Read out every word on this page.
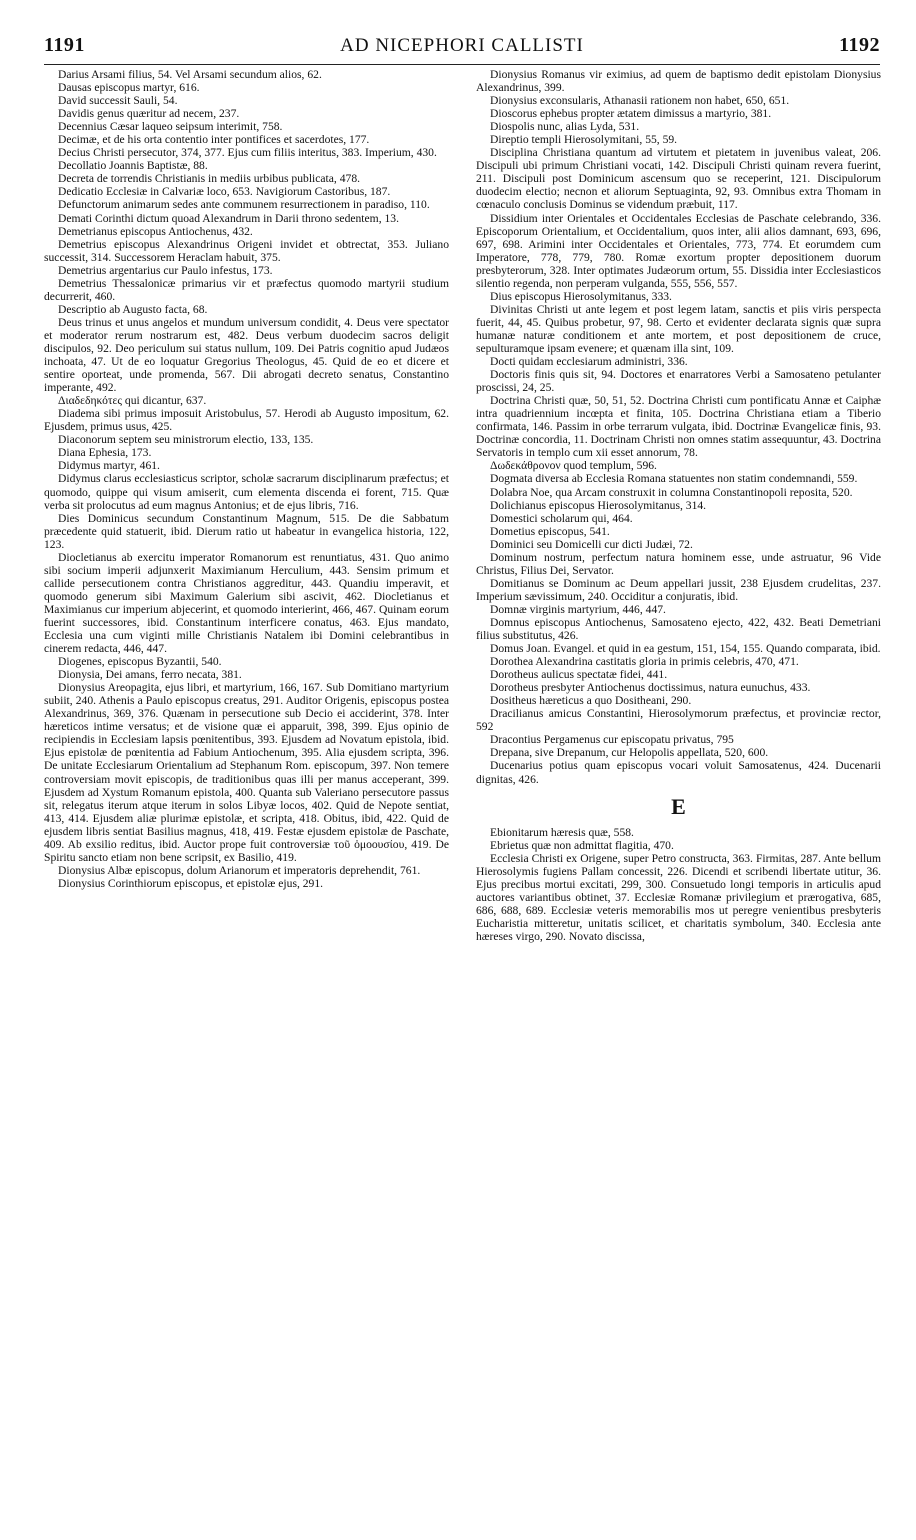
1191	AD NICEPHORI CALLISTI	1192

Darius Arsami filius, 54. Vel Arsami secundum alios, 62.

Dausas episcopus martyr, 616.

David successit Sauli, 54.

Davidis genus quæritur ad necem, 237.

Decennius Cæsar laqueo seipsum interimit, 758.

Decimæ, et de his orta contentio inter pontifices et sacerdotes, 177.

Decius Christi persecutor, 374, 377. Ejus cum filiis interitus, 383. Imperium, 430.

Decollatio Joannis Baptistæ, 88.

Decreta de torrendis Christianis in mediis urbibus publicata, 478.

Dedicatio Ecclesiæ in Calvariæ loco, 653. Navigiorum Castoribus, 187.

Defunctorum animarum sedes ante communem resurrectionem in paradiso, 110.

Demati Corinthi dictum quoad Alexandrum in Darii throno sedentem, 13.

Demetrianus episcopus Antiochenus, 432.

Demetrius episcopus Alexandrinus Origeni invidet et obtrectat, 353. Juliano successit, 314. Successorem Heraclam habuit, 375.

Demetrius argentarius cur Paulo infestus, 173.

Demetrius Thessalonicæ primarius vir et præfectus quomodo martyrii studium decurrerit, 460.

Descriptio ab Augusto facta, 68.

Deus trinus et unus angelos et mundum universum condidit, 4. Deus vere spectator et moderator rerum nostrarum est, 482. Deus verbum duodecim sacros deligit discipulos, 92. Deo periculum sui status nullum, 109. Dei Patris cognitio apud Judæos inchoata, 47. Ut de eo loquatur Gregorius Theologus, 45. Quid de eo et dicere et sentire oporteat, unde promenda, 567. Dii abrogati decreto senatus, Constantino imperante, 492.

Διαδεδηκότες qui dicantur, 637.

Diadema sibi primus imposuit Aristobulus, 57. Herodi ab Augusto impositum, 62. Ejusdem, primus usus, 425.

Diaconorum septem seu ministrorum electio, 133, 135.

Diana Ephesia, 173.

Didymus martyr, 461.

Didymus clarus ecclesiasticus scriptor, scholæ sacrarum disciplinarum præfectus; et quomodo, quippe qui visum amiserit, cum elementa discenda ei forent, 715. Quæ verba sit prolocutus ad eum magnus Antonius; et de ejus libris, 716.

Dies Dominicus secundum Constantinum Magnum, 515. De die Sabbatum præcedente quid statuerit, ibid. Dierum ratio ut habeatur in evangelica historia, 122, 123.

Diocletianus ab exercitu imperator Romanorum est renuntiatus, 431. Quo animo sibi socium imperii adjunxerit Maximianum Herculium, 443. Sensim primum et callide persecutionem contra Christianos aggreditur, 443. Quandiu imperavit, et quomodo generum sibi Maximum Galerium sibi ascivit, 462. Diocletianus et Maximianus cur imperium abjecerint, et quomodo interierint, 466, 467. Quinam eorum fuerint successores, ibid. Constantinum interficere conatus, 463. Ejus mandato, Ecclesia una cum viginti mille Christianis Natalem ibi Domini celebrantibus in cinerem redacta, 446, 447.

Diogenes, episcopus Byzantii, 540.

Dionysia, Dei amans, ferro necata, 381.

Dionysius Areopagita, ejus libri, et martyrium, 166, 167. Sub Domitiano martyrium subiit, 240. Athenis a Paulo episcopus creatus, 291. Auditor Origenis, episcopus postea Alexandrinus, 369, 376. Quænam in persecutione sub Decio ei acciderint, 378. Inter hæreticos intime versatus; et de visione quæ ei apparuit, 398, 399. Ejus opinio de recipiendis in Ecclesiam lapsis pœnitentibus, 393. Ejusdem ad Novatum epistola, ibid. Ejus epistolæ de pœnitentia ad Fabium Antiochenum, 395. Alia ejusdem scripta, 396. De unitate Ecclesiarum Orientalium ad Stephanum Rom. episcopum, 397. Non temere controversiam movit episcopis, de traditionibus quas illi per manus acceperant, 399. Ejusdem ad Xystum Romanum epistola, 400. Quanta sub Valeriano persecutore passus sit, relegatus iterum atque iterum in solos Libyæ locos, 402. Quid de Nepote sentiat, 413, 414. Ejusdem aliæ plurimæ epistolæ, et scripta, 418. Obitus, ibid, 422. Quid de ejusdem libris sentiat Basilius magnus, 418, 419. Festæ ejusdem epistolæ de Paschate, 409. Ab exsilio reditus, ibid. Auctor prope fuit controversiæ τοῦ ὁμοουσίου, 419. De Spiritu sancto etiam non bene scripsit, ex Basilio, 419.

Dionysius Albæ episcopus, dolum Arianorum et imperatoris deprehendit, 761.

Dionysius Corinthiorum episcopus, et epistolæ ejus, 291.

Dionysius Romanus vir eximius, ad quem de baptismo dedit epistolam Dionysius Alexandrinus, 399.

Dionysius exconsularis, Athanasii rationem non habet, 650, 651.

Dioscorus ephebus propter ætatem dimissus a martyrio, 381.

Diospolis nunc, alias Lyda, 531.

Direptio templi Hierosolymitani, 55, 59.

Disciplina Christiana quantum ad virtutem et pietatem in juvenibus valeat, 206. Discipuli ubi primum Christiani vocati, 142. Discipuli Christi quinam revera fuerint, 211. Discipuli post Dominicum ascensum quo se receperint, 121. Discipulorum duodecim electio; necnon et aliorum Septuaginta, 92, 93. Omnibus extra Thomam in cœnaculo conclusis Dominus se videndum præbuit, 117.

Dissidium inter Orientales et Occidentales Ecclesias de Paschate celebrando, 336. Episcoporum Orientalium, et Occidentalium, quos inter, alii alios damnant, 693, 696, 697, 698. Arimini inter Occidentales et Orientales, 773, 774. Et eorumdem cum Imperatore, 778, 779, 780. Romæ exortum propter depositionem duorum presbyterorum, 328. Inter optimates Judæorum ortum, 55. Dissidia inter Ecclesiasticos silentio regenda, non perperam vulganda, 555, 556, 557.

Dius episcopus Hierosolymitanus, 333.

Divinitas Christi ut ante legem et post legem latam, sanctis et piis viris perspecta fuerit, 44, 45. Quibus probetur, 97, 98. Certo et evidenter declarata signis quæ supra humanæ naturæ conditionem et ante mortem, et post depositionem de cruce, sepulturamque ipsam evenere; et quænam illa sint, 109.

Docti quidam ecclesiarum administri, 336.

Doctoris finis quis sit, 94. Doctores et enarratores Verbi a Samosateno petulanter proscissi, 24, 25.

Doctrina Christi quæ, 50, 51, 52. Doctrina Christi cum pontificatu Annæ et Caiphæ intra quadriennium incœpta et finita, 105. Doctrina Christiana etiam a Tiberio confirmata, 146. Passim in orbe terrarum vulgata, ibid. Doctrinæ Evangelicæ finis, 93. Doctrinæ concordia, 11. Doctrinam Christi non omnes statim assequuntur, 43. Doctrina Servatoris in templo cum xii esset annorum, 78.

Δωδεκάθρονον quod templum, 596.

Dogmata diversa ab Ecclesia Romana statuentes non statim condemnandi, 559.

Dolabra Noe, qua Arcam construxit in columna Constantinopoli reposita, 520.

Dolichianus episcopus Hierosolymitanus, 314.

Domestici scholarum qui, 464.

Dometius episcopus, 541.

Dominici seu Domicelli cur dicti Judæi, 72.

Dominum nostrum, perfectum natura hominem esse, unde astruatur, 96 Vide Christus, Filius Dei, Servator.

Domitianus se Dominum ac Deum appellari jussit, 238 Ejusdem crudelitas, 237. Imperium sævissimum, 240. Occiditur a conjuratis, ibid.

Domnæ virginis martyrium, 446, 447.

Domnus episcopus Antiochenus, Samosateno ejecto, 422, 432. Beati Demetriani filius substitutus, 426.

Domus Joan. Evangel. et quid in ea gestum, 151, 154, 155. Quando comparata, ibid.

Dorothea Alexandrina castitatis gloria in primis celebris, 470, 471.

Dorotheus aulicus spectatæ fidei, 441.

Dorotheus presbyter Antiochenus doctissimus, natura eunuchus, 433.

Dositheus hæreticus a quo Dositheani, 290.

Dracilianus amicus Constantini, Hierosolymorum præfectus, et provinciæ rector, 592

Dracontius Pergamenus cur episcopatu privatus, 795

Drepana, sive Drepanum, cur Helopolis appellata, 520, 600.

Ducenarius potius quam episcopus vocari voluit Samosatenus, 424. Ducenarii dignitas, 426.

E

Ebionitarum hæresis quæ, 558.

Ebrietus quæ non admittat flagitia, 470.

Ecclesia Christi ex Origene, super Petro constructa, 363. Firmitas, 287. Ante bellum Hierosolymis fugiens Pallam concessit, 226. Dicendi et scribendi libertate utitur, 36. Ejus precibus mortui excitati, 299, 300. Consuetudo longi temporis in articulis apud auctores variantibus obtinet, 37. Ecclesiæ Romanæ privilegium et prærogativa, 685, 686, 688, 689. Ecclesiæ veteris memorabilis mos ut peregre venientibus presbyteris Eucharistia mitteretur, unitatis scilicet, et charitatis symbolum, 340. Ecclesia ante hæreses virgo, 290. Novato discissa,
